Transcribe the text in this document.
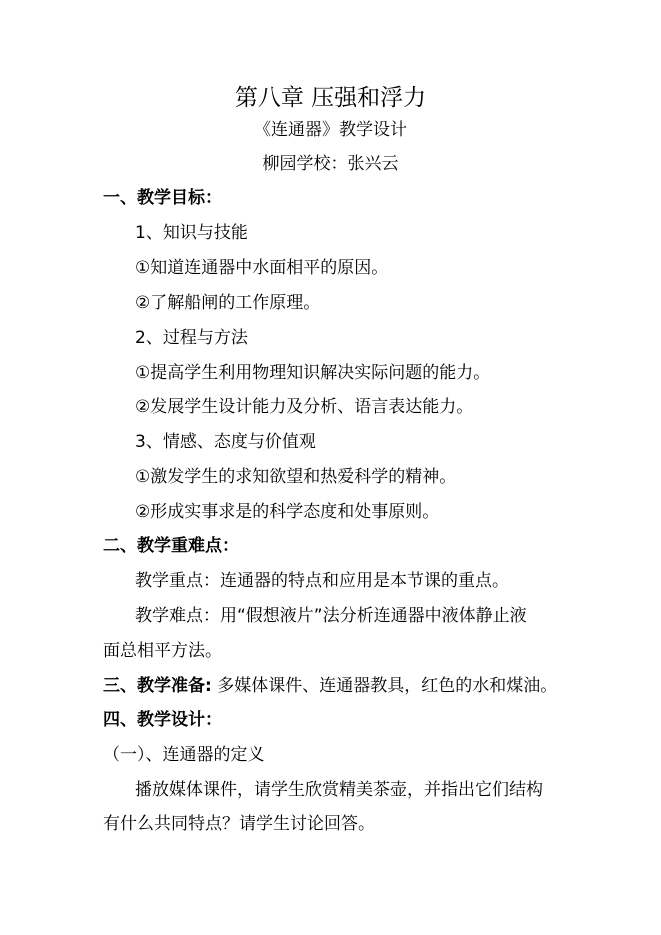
第八章 压强和浮力
《连通器》教学设计
柳园学校：张兴云
一、教学目标：
1、知识与技能
①知道连通器中水面相平的原因。
②了解船闸的工作原理。
2、过程与方法
①提高学生利用物理知识解决实际问题的能力。
②发展学生设计能力及分析、语言表达能力。
3、情感、态度与价值观
①激发学生的求知欲望和热爱科学的精神。
②形成实事求是的科学态度和处事原则。
二、教学重难点：
教学重点：连通器的特点和应用是本节课的重点。
教学难点：用“假想液片”法分析连通器中液体静止液
面总相平方法。
三、教学准备: 多媒体课件、连通器教具，红色的水和煤油。
四、教学设计：
（一）、连通器的定义
播放媒体课件，请学生欣赏精美茶壶，并指出它们结构
有什么共同特点？请学生讨论回答。
